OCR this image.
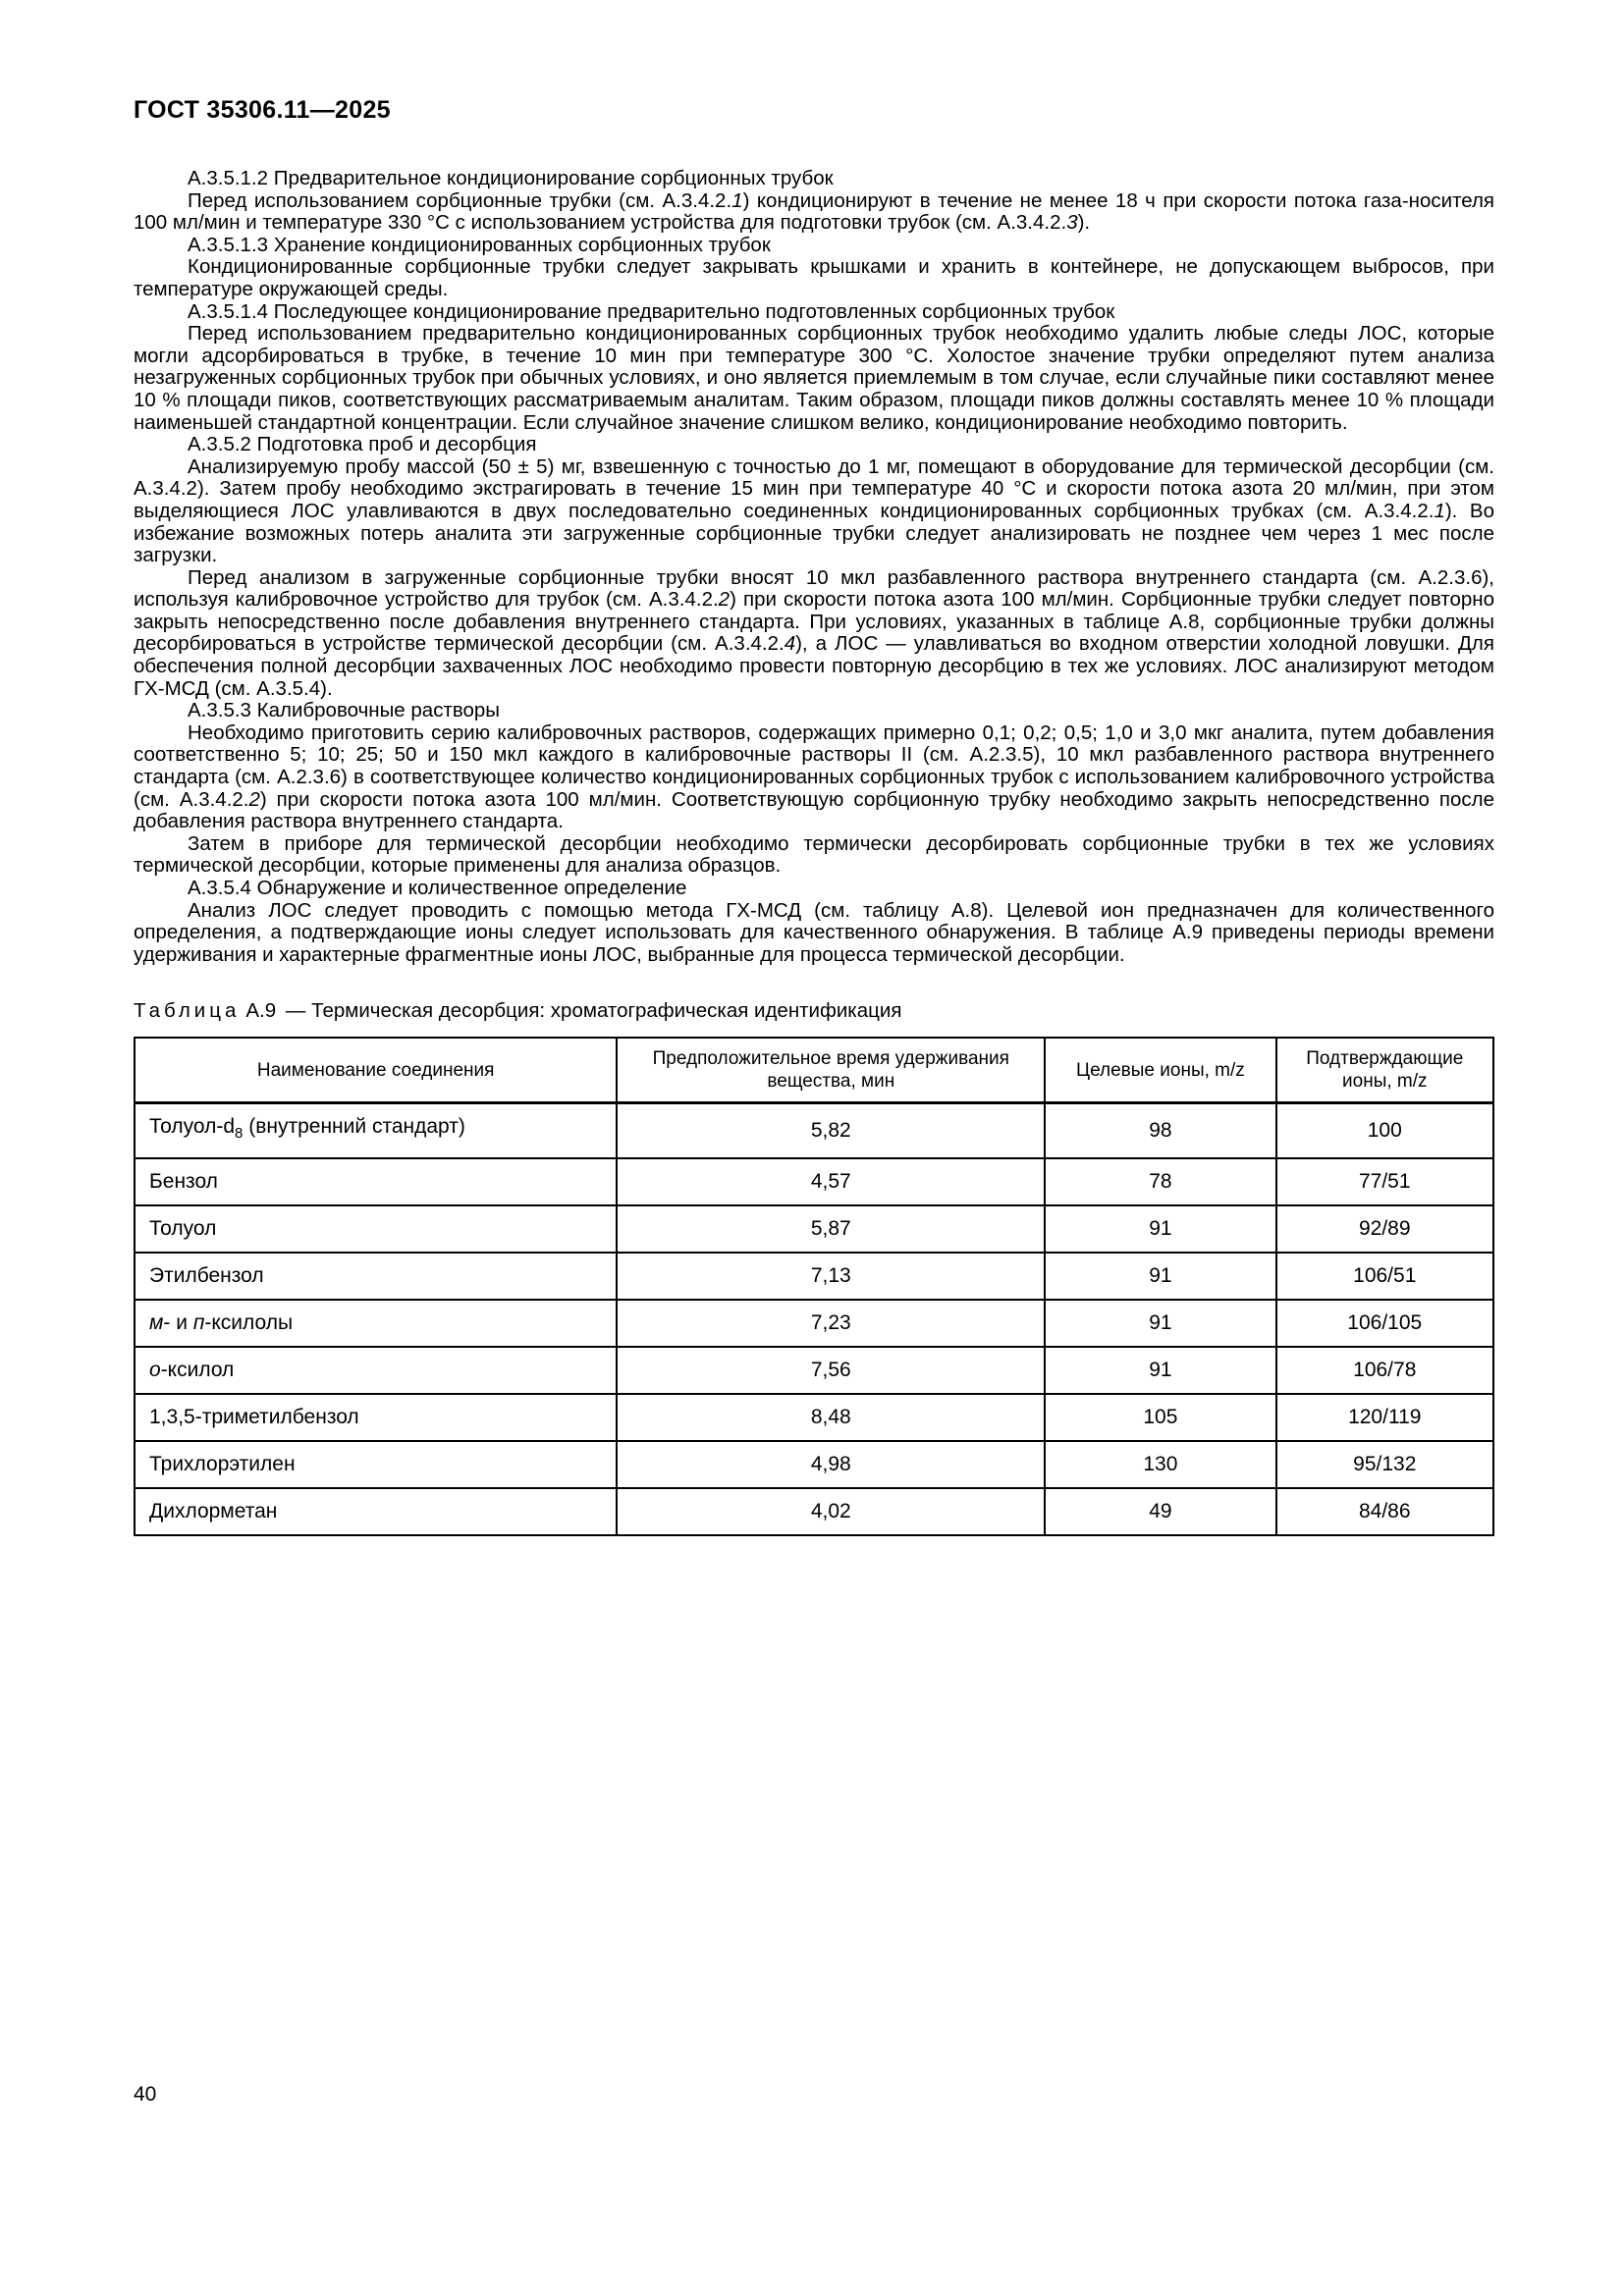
ГОСТ 35306.11—2025

А.3.5.1.2 Предварительное кондиционирование сорбционных трубок

Перед использованием сорбционные трубки (см. А.3.4.2.1) кондиционируют в течение не менее 18 ч при скорости потока газа-носителя 100 мл/мин и температуре 330 °С с использованием устройства для подготовки трубок (см. А.3.4.2.3).

А.3.5.1.3 Хранение кондиционированных сорбционных трубок

Кондиционированные сорбционные трубки следует закрывать крышками и хранить в контейнере, не допускающем выбросов, при температуре окружающей среды.

А.3.5.1.4 Последующее кондиционирование предварительно подготовленных сорбционных трубок

Перед использованием предварительно кондиционированных сорбционных трубок необходимо удалить любые следы ЛОС, которые могли адсорбироваться в трубке, в течение 10 мин при температуре 300 °С. Холостое значение трубки определяют путем анализа незагруженных сорбционных трубок при обычных условиях, и оно является приемлемым в том случае, если случайные пики составляют менее 10 % площади пиков, соответствующих рассматриваемым аналитам. Таким образом, площади пиков должны составлять менее 10 % площади наименьшей стандартной концентрации. Если случайное значение слишком велико, кондиционирование необходимо повторить.

А.3.5.2 Подготовка проб и десорбция

Анализируемую пробу массой (50 ± 5) мг, взвешенную с точностью до 1 мг, помещают в оборудование для термической десорбции (см. А.3.4.2). Затем пробу необходимо экстрагировать в течение 15 мин при температуре 40 °С и скорости потока азота 20 мл/мин, при этом выделяющиеся ЛОС улавливаются в двух последовательно соединенных кондиционированных сорбционных трубках (см. А.3.4.2.1). Во избежание возможных потерь аналита эти загруженные сорбционные трубки следует анализировать не позднее чем через 1 мес после загрузки.

Перед анализом в загруженные сорбционные трубки вносят 10 мкл разбавленного раствора внутреннего стандарта (см. А.2.3.6), используя калибровочное устройство для трубок (см. А.3.4.2.2) при скорости потока азота 100 мл/мин. Сорбционные трубки следует повторно закрыть непосредственно после добавления внутреннего стандарта. При условиях, указанных в таблице А.8, сорбционные трубки должны десорбироваться в устройстве термической десорбции (см. А.3.4.2.4), а ЛОС — улавливаться во входном отверстии холодной ловушки. Для обеспечения полной десорбции захваченных ЛОС необходимо провести повторную десорбцию в тех же условиях. ЛОС анализируют методом ГХ-МСД (см. А.3.5.4).

А.3.5.3 Калибровочные растворы

Необходимо приготовить серию калибровочных растворов, содержащих примерно 0,1; 0,2; 0,5; 1,0 и 3,0 мкг аналита, путем добавления соответственно 5; 10; 25; 50 и 150 мкл каждого в калибровочные растворы II (см. А.2.3.5), 10 мкл разбавленного раствора внутреннего стандарта (см. А.2.3.6) в соответствующее количество кондиционированных сорбционных трубок с использованием калибровочного устройства (см. А.3.4.2.2) при скорости потока азота 100 мл/мин. Соответствующую сорбционную трубку необходимо закрыть непосредственно после добавления раствора внутреннего стандарта.

Затем в приборе для термической десорбции необходимо термически десорбировать сорбционные трубки в тех же условиях термической десорбции, которые применены для анализа образцов.

А.3.5.4 Обнаружение и количественное определение

Анализ ЛОС следует проводить с помощью метода ГХ-МСД (см. таблицу А.8). Целевой ион предназначен для количественного определения, а подтверждающие ионы следует использовать для качественного обнаружения. В таблице А.9 приведены периоды времени удерживания и характерные фрагментные ионы ЛОС, выбранные для процесса термической десорбции.

Таблица А.9 — Термическая десорбция: хроматографическая идентификация
Наименование соединения	Предположительное время удерживания вещества, мин	Целевые ионы, m/z	Подтверждающие ионы, m/z
Толуол-$d_8$ (внутренний стандарт)	5,82	98	100
Бензол	4,57	78	77/51
Толуол	5,87	91	92/89
Этилбензол	7,13	91	106/51
м- и п-ксилолы	7,23	91	106/105
о-ксилол	7,56	91	106/78
1,3,5-триметилбензол	8,48	105	120/119
Трихлорэтилен	4,98	130	95/132
Дихлорметан	4,02	49	84/86
40
